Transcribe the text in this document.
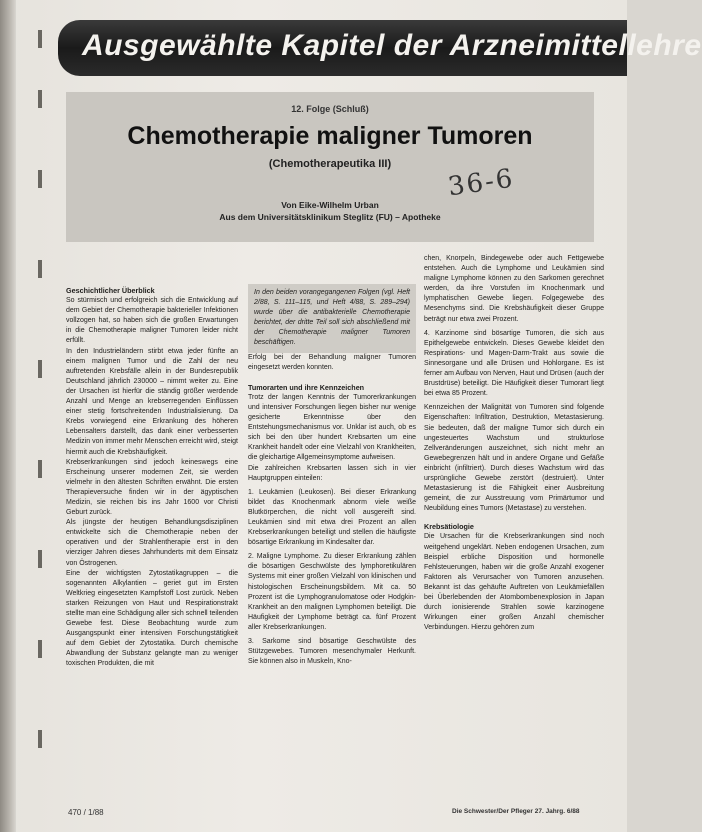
Ausgewählte Kapitel der Arzneimittellehre
12. Folge (Schluß)
Chemotherapie maligner Tumoren
(Chemotherapeutika III)
Von Eike-Wilhelm Urban
Aus dem Universitätsklinikum Steglitz (FU) – Apotheke
36-6

Geschichtlicher Überblick

So stürmisch und erfolgreich sich die Entwicklung auf dem Gebiet der Chemotherapie bakterieller Infektionen vollzogen hat, so haben sich die großen Erwartungen in die Chemotherapie maligner Tumoren leider nicht erfüllt.

In den Industrieländern stirbt etwa jeder fünfte an einem malignen Tumor und die Zahl der neu auftretenden Krebsfälle allein in der Bundesrepublik Deutschland jährlich 230000 – nimmt weiter zu. Eine der Ursachen ist hierfür die ständig größer werdende Anzahl und Menge an krebserregenden Einflüssen einer stetig fortschreitenden Industrialisierung. Da Krebs vorwiegend eine Erkrankung des höheren Lebensalters darstellt, das dank einer verbesserten Medizin von immer mehr Menschen erreicht wird, steigt hiermit auch die Krebshäufigkeit.

Krebserkrankungen sind jedoch keineswegs eine Erscheinung unserer modernen Zeit, sie werden vielmehr in den ältesten Schriften erwähnt. Die ersten Therapieversuche finden wir in der ägyptischen Medizin, sie reichen bis ins Jahr 1600 vor Christi Geburt zurück.

Als jüngste der heutigen Behandlungsdisziplinen entwickelte sich die Chemotherapie neben der operativen und der Strahlentherapie erst in den vierziger Jahren dieses Jahrhunderts mit dem Einsatz von Östrogenen.

Eine der wichtigsten Zytostatikagruppen – die sogenannten Alkylantien – geriet gut im Ersten Weltkrieg eingesetzten Kampfstoff Lost zurück. Neben starken Reizungen von Haut und Respirationstrakt stellte man eine Schädigung aller sich schnell teilenden Gewebe fest. Diese Beobachtung wurde zum Ausgangspunkt einer intensiven Forschungstätigkeit auf dem Gebiet der Zytostatika. Durch chemische Abwandlung der Substanz gelangte man zu weniger toxischen Produkten, die mit

In den beiden vorangegangenen Folgen (vgl. Heft 2/88, S. 111–115, und Heft 4/88, S. 289–294) wurde über die antibakterielle Chemotherapie berichtet, der dritte Teil soll sich abschließend mit der Chemotherapie maligner Tumoren beschäftigen.

Erfolg bei der Behandlung maligner Tumoren eingesetzt werden konnten.

Tumorarten und ihre Kennzeichen

Trotz der langen Kenntnis der Tumorerkrankungen und intensiver Forschungen liegen bisher nur wenige gesicherte Erkenntnisse über den Entstehungsmechanismus vor. Unklar ist auch, ob es sich bei den über hundert Krebsarten um eine Krankheit handelt oder eine Vielzahl von Krankheiten, die gleichartige Allgemeinsymptome aufweisen.

Die zahlreichen Krebsarten lassen sich in vier Hauptgruppen einteilen:

1. Leukämien (Leukosen). Bei dieser Erkrankung bildet das Knochenmark abnorm viele weiße Blutkörperchen, die nicht voll ausgereift sind. Leukämien sind mit etwa drei Prozent an allen Krebserkrankungen beteiligt und stellen die häufigste bösartige Erkrankung im Kindesalter dar.

2. Maligne Lymphome. Zu dieser Erkrankung zählen die bösartigen Geschwülste des lymphoretikulären Systems mit einer großen Vielzahl von klinischen und histologischen Erscheinungsbildern. Mit ca. 50 Prozent ist die Lymphogranulomatose oder Hodgkin-Krankheit an den malignen Lymphomen beteiligt. Die Häufigkeit der Lymphome beträgt ca. fünf Prozent aller Krebserkrankungen.

3. Sarkome sind bösartige Geschwülste des Stützgewebes. Tumoren mesenchymaler Herkunft. Sie können also in Muskeln, Kno-

chen, Knorpeln, Bindegewebe oder auch Fettgewebe entstehen. Auch die Lymphome und Leukämien sind maligne Lymphome können zu den Sarkomen gerechnet werden, da ihre Vorstufen im Knochenmark und lymphatischen Gewebe liegen. Folgegewebe des Mesenchyms sind. Die Krebshäufigkeit dieser Gruppe beträgt nur etwa zwei Prozent.

4. Karzinome sind bösartige Tumoren, die sich aus Epithelgewebe entwickeln. Dieses Gewebe kleidet den Respirations- und Magen-Darm-Trakt aus sowie die Sinnesorgane und alle Drüsen und Hohlorgane. Es ist ferner am Aufbau von Nerven, Haut und Drüsen (auch der Brustdrüse) beteiligt. Die Häufigkeit dieser Tumorart liegt bei etwa 85 Prozent.

Kennzeichen der Malignität von Tumoren sind folgende Eigenschaften: Infiltration, Destruktion, Metastasierung. Sie bedeuten, daß der maligne Tumor sich durch ein ungesteuertes Wachstum und strukturlose Zellveränderungen auszeichnet, sich nicht mehr an Gewebegrenzen hält und in andere Organe und Gefäße einbricht (infiltriert). Durch dieses Wachstum wird das ursprüngliche Gewebe zerstört (destruiert). Unter Metastasierung ist die Fähigkeit einer Ausbreitung gemeint, die zur Ausstreuung vom Primärtumor und Neubildung eines Tumors (Metastase) zu verstehen.

Krebsätiologie

Die Ursachen für die Krebserkrankungen sind noch weitgehend ungeklärt. Neben endogenen Ursachen, zum Beispiel erbliche Disposition und hormonelle Fehlsteuerungen, haben wir die große Anzahl exogener Faktoren als Verursacher von Tumoren anzusehen. Bekannt ist das gehäufte Auftreten von Leukämiefällen bei Überlebenden der Atombombenexplosion in Japan durch ionisierende Strahlen sowie karzinogene Wirkungen einer großen Anzahl chemischer Verbindungen. Hierzu gehören zum

470 / 1/88	Die Schwester/Der Pfleger 27. Jahrg. 6/88
